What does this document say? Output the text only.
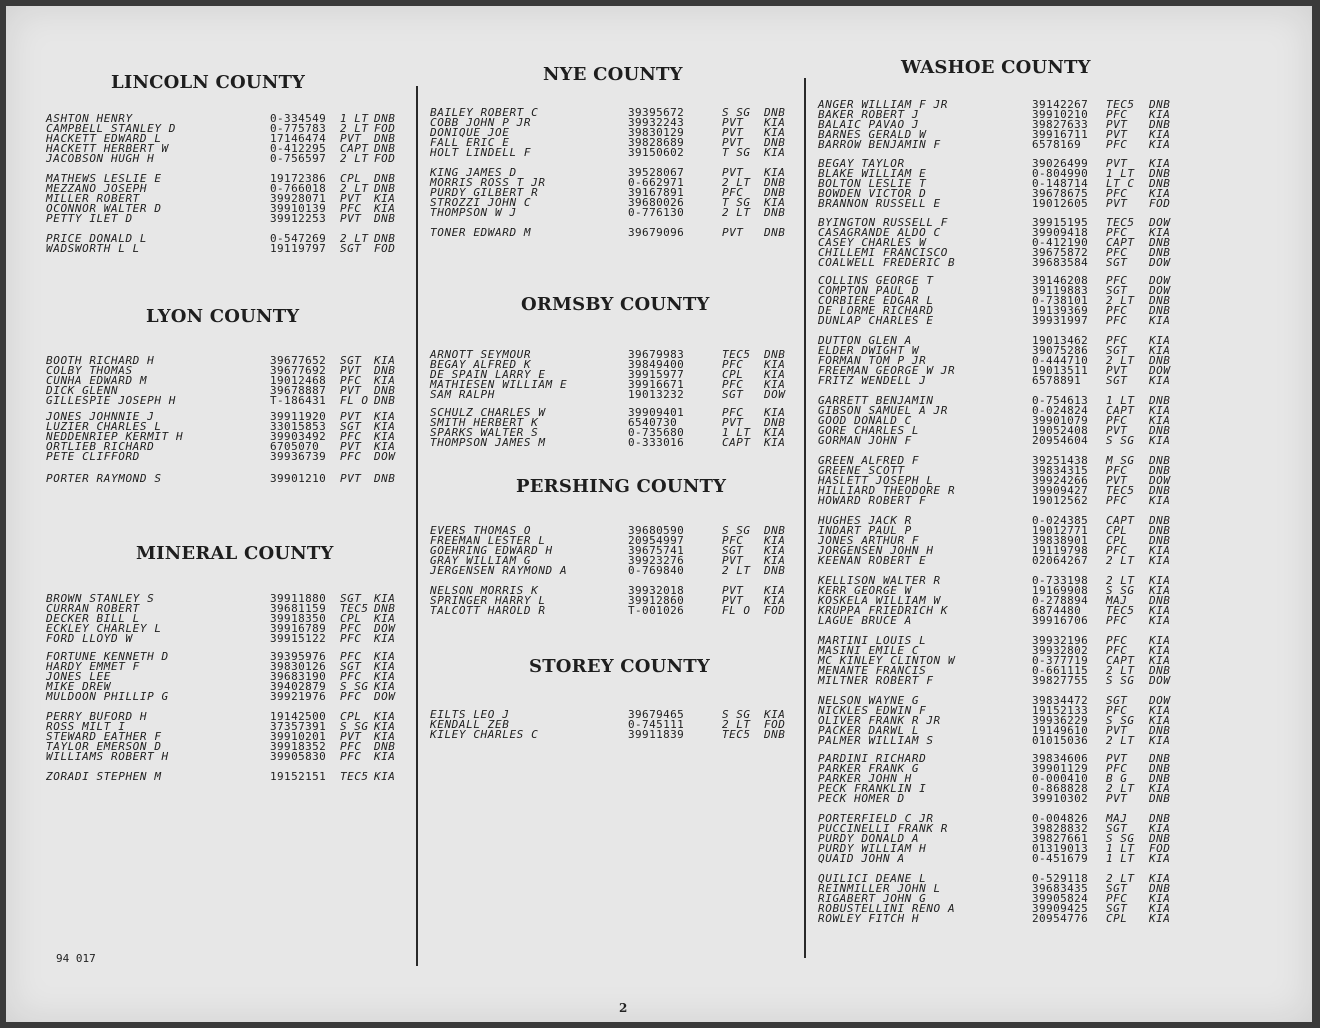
LINCOLN COUNTY
ASHTON HENRY	0-334549 1 LT DNB
CAMPBELL STANLEY D	0-775783 2 LT FOD
HACKETT EDWARD L	17146474 PVT DNB
HACKETT HERBERT W	0-412295 CAPT DNB
JACOBSON HUGH H	0-756597 2 LT FOD
MATHEWS LESLIE E	19172386 CPL DNB
MEZZANO JOSEPH	0-766018 2 LT DNB
MILLER ROBERT	39928071 PVT KIA
OCONNOR WALTER D	39910139 PFC KIA
PETTY ILET D	39912253 PVT DNB
PRICE DONALD L	0-547269 2 LT DNB
WADSWORTH L L	19119797 SGT FOD
LYON COUNTY
BOOTH RICHARD H	39677652 SGT KIA
COLBY THOMAS	39677692 PVT DNB
CUNHA EDWARD M	19012468 PFC KIA
DICK GLENN	39678887 PVT DNB
GILLESPIE JOSEPH H	T-186431 FL O DNB
JONES JOHNNIE J	39911920 PVT KIA
LUZIER CHARLES L	33015853 SGT KIA
NEDDENRIEP KERMIT H	39903492 PFC KIA
ORTLIEB RICHARD	6705070 PVT KIA
PETE CLIFFORD	39936739 PFC DOW
PORTER RAYMOND S	39901210 PVT DNB
MINERAL COUNTY
BROWN STANLEY S	39911880 SGT KIA
CURRAN ROBERT	39681159 TEC5 DNB
DECKER BILL L	39918350 CPL KIA
ECKLEY CHARLEY L	39916789 PFC DOW
FORD LLOYD W	39915122 PFC KIA
FORTUNE KENNETH D	39395976 PFC KIA
HARDY EMMET F	39830126 SGT KIA
JONES LEE	39683190 PFC KIA
MIKE DREW	39402879 S SG KIA
MULDOON PHILLIP G	39921976 PFC DOW
PERRY BUFORD H	19142500 CPL KIA
ROSS MILT I	37357391 S SG KIA
STEWARD EATHER F	39910201 PVT KIA
TAYLOR EMERSON D	39918352 PFC DNB
WILLIAMS ROBERT H	39905830 PFC KIA
ZORADI STEPHEN M	19152151 TEC5 KIA
NYE COUNTY
BAILEY ROBERT C	39395672	S SG DNB
COBB JOHN P JR	39932243	PVT KIA
DONIQUE JOE	39830129	PVT KIA
FALL ERIC E	39828689	PVT DNB
HOLT LINDELL F	39150602	T SG KIA
KING JAMES D	39528067	PVT KIA
MORRIS ROSS T JR	0-662971	2 LT DNB
PURDY GILBERT R	39167891	PFC DNB
STROZZI JOHN C	39680026	T SG KIA
THOMPSON W J	0-776130	2 LT DNB
TONER EDWARD M	39679096	PVT DNB
ORMSBY COUNTY
ARNOTT SEYMOUR	39679983	TEC5 DNB
BEGAY ALFRED K	39849400	PFC KIA
DE SPAIN LARRY E	39915977	CPL KIA
MATHIESEN WILLIAM E	39916671	PFC KIA
SAM RALPH	19013232	SGT DOW
SCHULZ CHARLES W	39909401	PFC KIA
SMITH HERBERT K	6540730	PVT DNB
SPARKS WALTER S	0-735680	1 LT KIA
THOMPSON JAMES M	0-333016	CAPT KIA
PERSHING COUNTY
EVERS THOMAS O	39680590	S SG DNB
FREEMAN LESTER L	20954997	PFC KIA
GOEHRING EDWARD H	39675741	SGT KIA
GRAY WILLIAM G	39923276	PVT KIA
JERGENSEN RAYMOND A	0-769840	2 LT DNB
NELSON MORRIS K	39932018	PVT KIA
SPRINGER HARRY L	39912860	PVT KIA
TALCOTT HAROLD R	T-001026	FL O FOD
STOREY COUNTY
EILTS LEO J	39679465	S SG KIA
KENDALL ZEB	0-745111	2 LT FOD
KILEY CHARLES C	39911839	TEC5 DNB
WASHOE COUNTY
ANGER WILLIAM F JR	39142267 TEC5 DNB
BAKER ROBERT J	39910210 PFC KIA
BALAIC PAVAO J	39827633 PVT DNB
BARNES GERALD W	39916711 PVT KIA
BARROW BENJAMIN F	6578169 PFC KIA
BEGAY TAYLOR	39026499 PVT KIA
BLAKE WILLIAM E	0-804990 1 LT DNB
BOLTON LESLIE T	0-148714 LT C DNB
BOWDEN VICTOR D	39678675 PFC KIA
BRANNON RUSSELL E	19012605 PVT FOD
BYINGTON RUSSELL F	39915195 TEC5 DOW
CASAGRANDE ALDO C	39909418 PFC KIA
CASEY CHARLES W	0-412190 CAPT DNB
CHILLEMI FRANCISCO	39675872 PFC DNB
COALWELL FREDERIC B	39683584 SGT DOW
COLLINS GEORGE T	39146208 PFC DOW
COMPTON PAUL D	39119883 SGT DOW
CORBIERE EDGAR L	0-738101 2 LT DNB
DE LORME RICHARD	19139369 PFC DNB
DUNLAP CHARLES E	39931997 PFC KIA
DUTTON GLEN A	19013462 PFC KIA
ELDER DWIGHT W	39075286 SGT KIA
FORMAN TOM P JR	0-444710 2 LT DNB
FREEMAN GEORGE W JR	19013511 PVT DOW
FRITZ WENDELL J	6578891 SGT KIA
GARRETT BENJAMIN	0-754613 1 LT DNB
GIBSON SAMUEL A JR	0-024824 CAPT KIA
GOOD DONALD C	39901079 PFC KIA
GORE CHARLES L	19052408 PVT DNB
GORMAN JOHN F	20954604 S SG KIA
GREEN ALFRED F	39251438 M SG DNB
GREENE SCOTT	39834315 PFC DNB
HASLETT JOSEPH L	39924266 PVT DOW
HILLIARD THEODORE R	39909427 TEC5 DNB
HOWARD ROBERT F	19012562 PFC KIA
HUGHES JACK R	0-024385 CAPT DNB
INDART PAUL P	19012771 CPL DNB
JONES ARTHUR F	39838901 CPL DNB
JORGENSEN JOHN H	19119798 PFC KIA
KEENAN ROBERT E	02064267 2 LT KIA
KELLISON WALTER R	0-733198 2 LT KIA
KERR GEORGE W	19169908 S SG KIA
KOSKELA WILLIAM W	0-278894 MAJ DNB
KRUPPA FRIEDRICH K	6874480 TEC5 KIA
LAGUE BRUCE A	39916706 PFC KIA
MARTINI LOUIS L	39932196 PFC KIA
MASINI EMILE C	39932802 PFC KIA
MC KINLEY CLINTON W	0-377719 CAPT KIA
MENANTE FRANCIS	0-661115 2 LT DNB
MILTNER ROBERT F	39827755 S SG DOW
NELSON WAYNE G	39834472 SGT DOW
NICKLES EDWIN F	19152133 PFC KIA
OLIVER FRANK R JR	39936229 S SG KIA
PACKER DARWL L	19149610 PVT DNB
PALMER WILLIAM S	01015036 2 LT KIA
PARDINI RICHARD	39834606 PVT DNB
PARKER FRANK G	39901129 PFC DNB
PARKER JOHN H	0-000410 B G DNB
PECK FRANKLIN I	0-868828 2 LT KIA
PECK HOMER D	39910302 PVT DNB
PORTERFIELD C JR	0-004826 MAJ DNB
PUCCINELLI FRANK R	39828832 SGT KIA
PURDY DONALD A	39827661 S SG DNB
PURDY WILLIAM H	01319013 1 LT FOD
QUAID JOHN A	0-451679 1 LT KIA
QUILICI DEANE L	0-529118 2 LT KIA
REINMILLER JOHN L	39683435 SGT DNB
RIGABERT JOHN G	39905824 PFC KIA
ROBUSTELLINI RENO A	39909425 SGT KIA
ROWLEY FITCH H	20954776 CPL KIA
94 017
2
